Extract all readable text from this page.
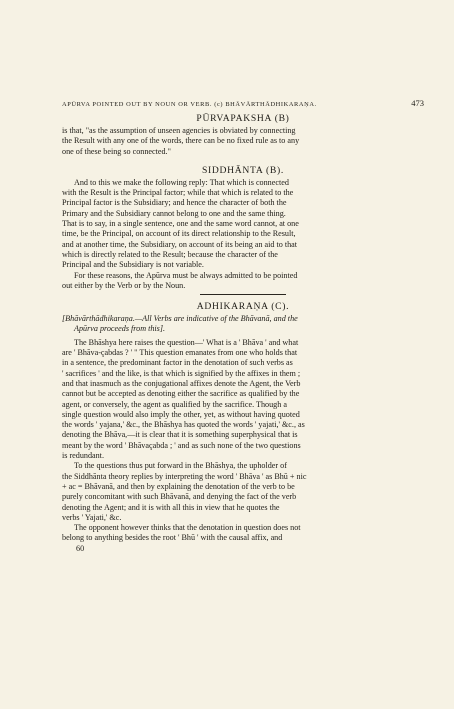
APŪRVA POINTED OUT BY NOUN OR VERB. (c) BHĀVĀRTHĀDHIKARAṆA.	473
PŪRVAPAKSHA (B)
is that, "as the assumption of unseen agencies is obviated by connecting
the Result with any one of the words, there can be no fixed rule as to any
one of these being so connected."
SIDDHĀNTA (B).
And to this we make the following reply: That which is connected
with the Result is the Principal factor; while that which is related to the
Principal factor is the Subsidiary; and hence the character of both the
Primary and the Subsidiary cannot belong to one and the same thing.
That is to say, in a single sentence, one and the same word cannot, at one
time, be the Principal, on account of its direct relationship to the Result,
and at another time, the Subsidiary, on account of its being an aid to that
which is directly related to the Result; because the character of the
Principal and the Subsidiary is not variable.
For these reasons, the Apūrva must be always admitted to be pointed
out either by the Verb or by the Noun.
ADHIKARAṆA (C).
[Bhāvārthādhikaraṇa.—All Verbs are indicative of the Bhāvanā, and the
Apūrva proceeds from this].
The Bhāshya here raises the question—' What is a ' Bhāva ' and what
are ' Bhāva-çabdas ? ' " This question emanates from one who holds that
in a sentence, the predominant factor in the denotation of such verbs as
' sacrifices ' and the like, is that which is signified by the affixes in them ;
and that inasmuch as the conjugational affixes denote the Agent, the Verb
cannot but be accepted as denoting either the sacrifice as qualified by the
agent, or conversely, the agent as qualified by the sacrifice. Though a
single question would also imply the other, yet, as without having quoted
the words ' yajana,' &c., the Bhāshya has quoted the words ' yajati,' &c., as
denoting the Bhāva,—it is clear that it is something superphysical that is
meant by the word ' Bhāvaçabda ; ' and as such none of the two questions
is redundant.
To the questions thus put forward in the Bhāshya, the upholder of
the Siddhānta theory replies by interpreting the word ' Bhāva ' as Bhū + nic
+ ac = Bhāvanā, and then by explaining the denotation of the verb to be
purely concomitant with such Bhāvanā, and denying the fact of the verb
denoting the Agent; and it is with all this in view that he quotes the
verbs ' Yajati,' &c.
The opponent however thinks that the denotation in question does not
belong to anything besides the root ' Bhū ' with the causal affix, and
60
